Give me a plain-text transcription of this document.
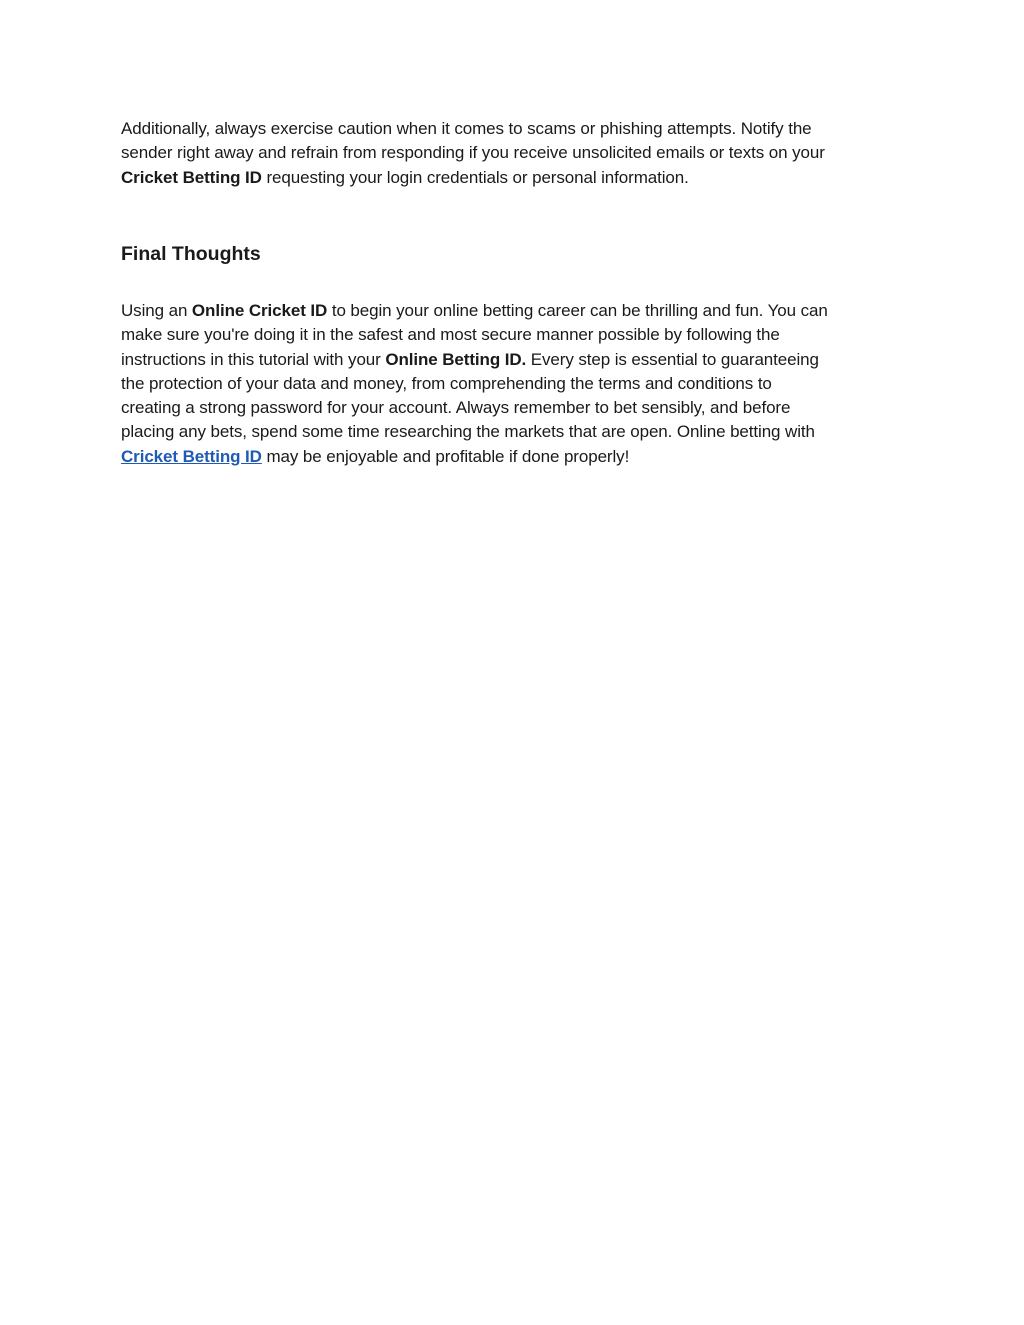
Additionally, always exercise caution when it comes to scams or phishing attempts. Notify the
sender right away and refrain from responding if you receive unsolicited emails or texts on your
Cricket Betting ID requesting your login credentials or personal information.

Final Thoughts

Using an Online Cricket ID to begin your online betting career can be thrilling and fun. You can
make sure you're doing it in the safest and most secure manner possible by following the
instructions in this tutorial with your Online Betting ID. Every step is essential to guaranteeing
the protection of your data and money, from comprehending the terms and conditions to
creating a strong password for your account. Always remember to bet sensibly, and before
placing any bets, spend some time researching the markets that are open. Online betting with
Cricket Betting ID may be enjoyable and profitable if done properly!
